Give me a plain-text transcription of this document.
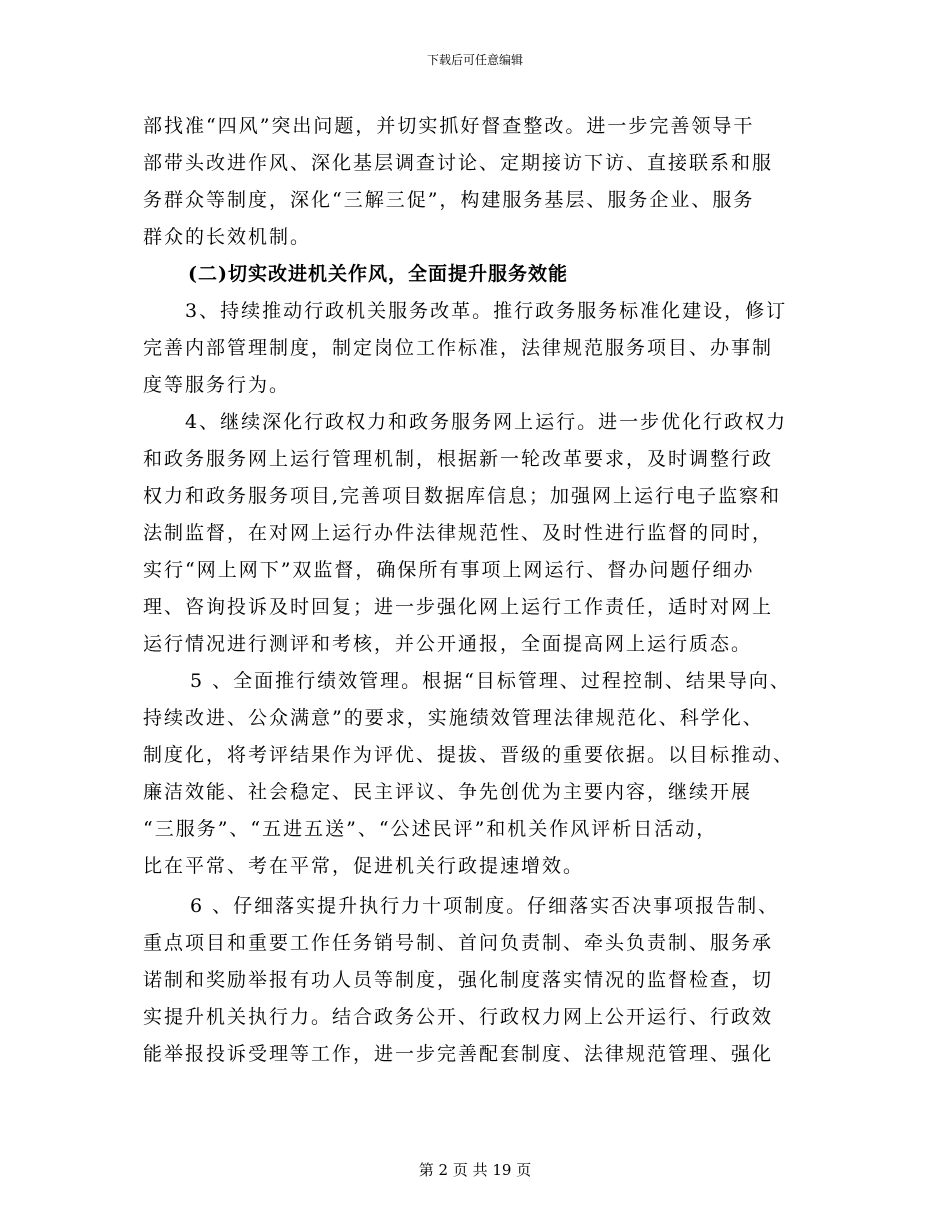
下载后可任意编辑
部找准“四风”突出问题，并切实抓好督查整改。进一步完善领导干
部带头改进作风、深化基层调查讨论、定期接访下访、直接联系和服
务群众等制度，深化“三解三促”，构建服务基层、服务企业、服务
群众的长效机制。
(二)切实改进机关作风，全面提升服务效能
3、持续推动行政机关服务改革。推行政务服务标准化建设，修订
完善内部管理制度，制定岗位工作标准，法律规范服务项目、办事制
度等服务行为。
4、继续深化行政权力和政务服务网上运行。进一步优化行政权力
和政务服务网上运行管理机制，根据新一轮改革要求，及时调整行政
权力和政务服务项目,完善项目数据库信息；加强网上运行电子监察和
法制监督，在对网上运行办件法律规范性、及时性进行监督的同时，
实行“网上网下”双监督，确保所有事项上网运行、督办问题仔细办
理、咨询投诉及时回复；进一步强化网上运行工作责任，适时对网上
运行情况进行测评和考核，并公开通报，全面提高网上运行质态。
5 、全面推行绩效管理。根据“目标管理、过程控制、结果导向、
持续改进、公众满意”的要求，实施绩效管理法律规范化、科学化、
制度化，将考评结果作为评优、提拔、晋级的重要依据。以目标推动、
廉洁效能、社会稳定、民主评议、争先创优为主要内容，继续开展
“三服务”、“五进五送”、“公述民评”和机关作风评析日活动，
比在平常、考在平常，促进机关行政提速增效。
6 、仔细落实提升执行力十项制度。仔细落实否决事项报告制、
重点项目和重要工作任务销号制、首问负责制、牵头负责制、服务承
诺制和奖励举报有功人员等制度，强化制度落实情况的监督检查，切
实提升机关执行力。结合政务公开、行政权力网上公开运行、行政效
能举报投诉受理等工作，进一步完善配套制度、法律规范管理、强化
第 2 页 共 19 页
